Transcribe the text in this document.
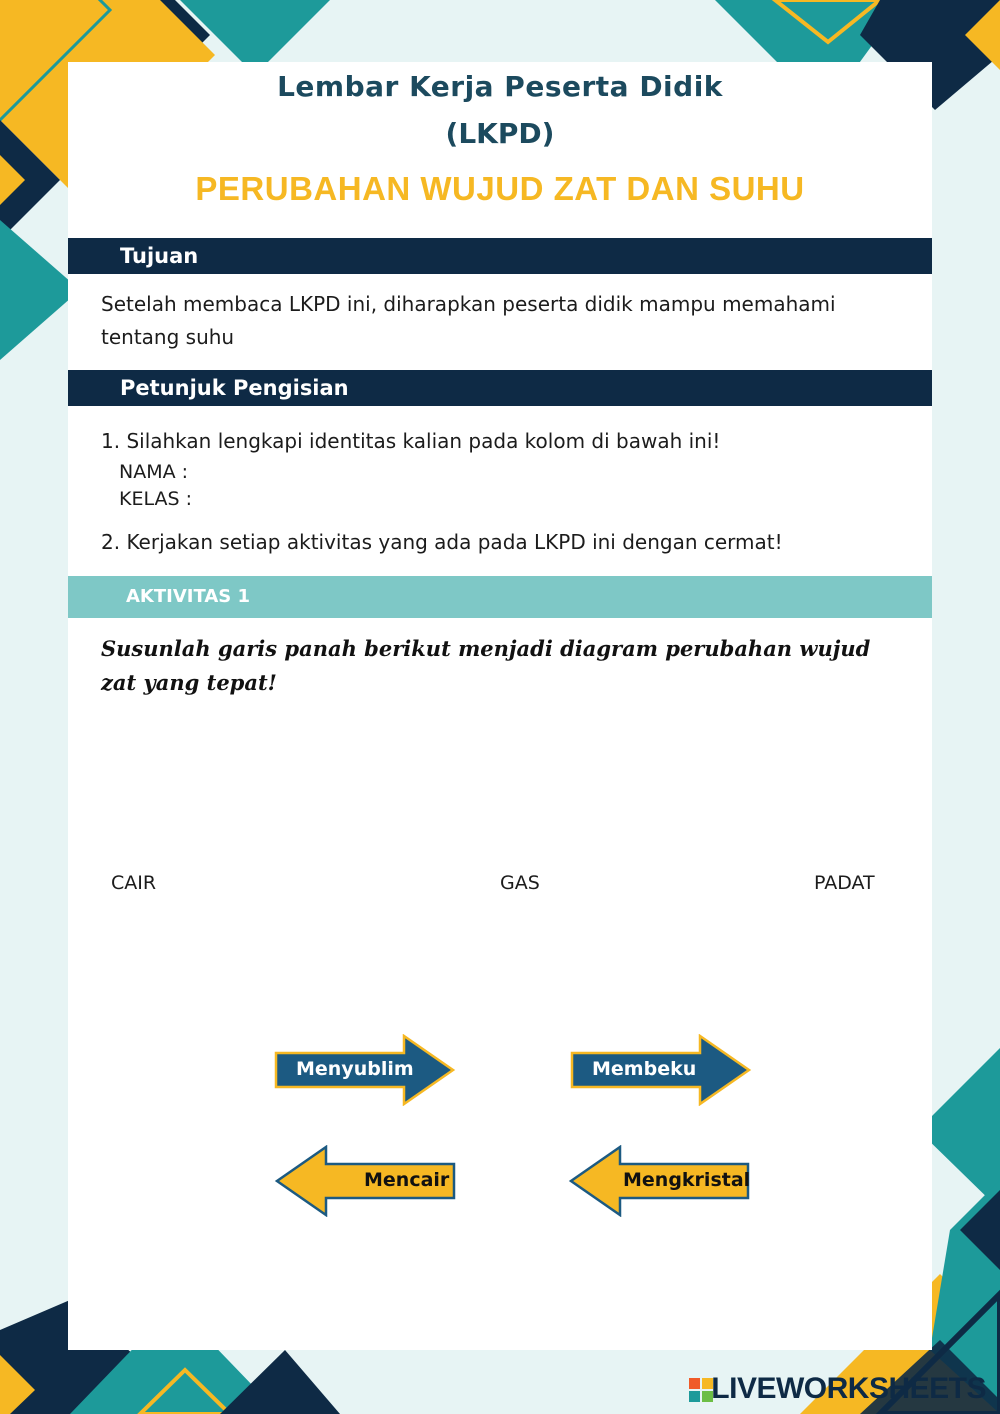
Lembar Kerja Peserta Didik
(LKPD)
PERUBAHAN WUJUD ZAT DAN SUHU
Tujuan
Setelah membaca LKPD ini, diharapkan peserta didik mampu memahami
tentang suhu
Petunjuk Pengisian
1. Silahkan lengkapi identitas kalian pada kolom di bawah ini!
NAMA :
KELAS :
2. Kerjakan setiap aktivitas yang ada pada LKPD ini dengan cermat!
AKTIVITAS 1
Susunlah garis panah berikut menjadi diagram perubahan wujud
zat yang tepat!
CAIR	GAS	PADAT
Menyublim	Membeku
Mencair	Mengkristal
LIVEWORKSHEETS
